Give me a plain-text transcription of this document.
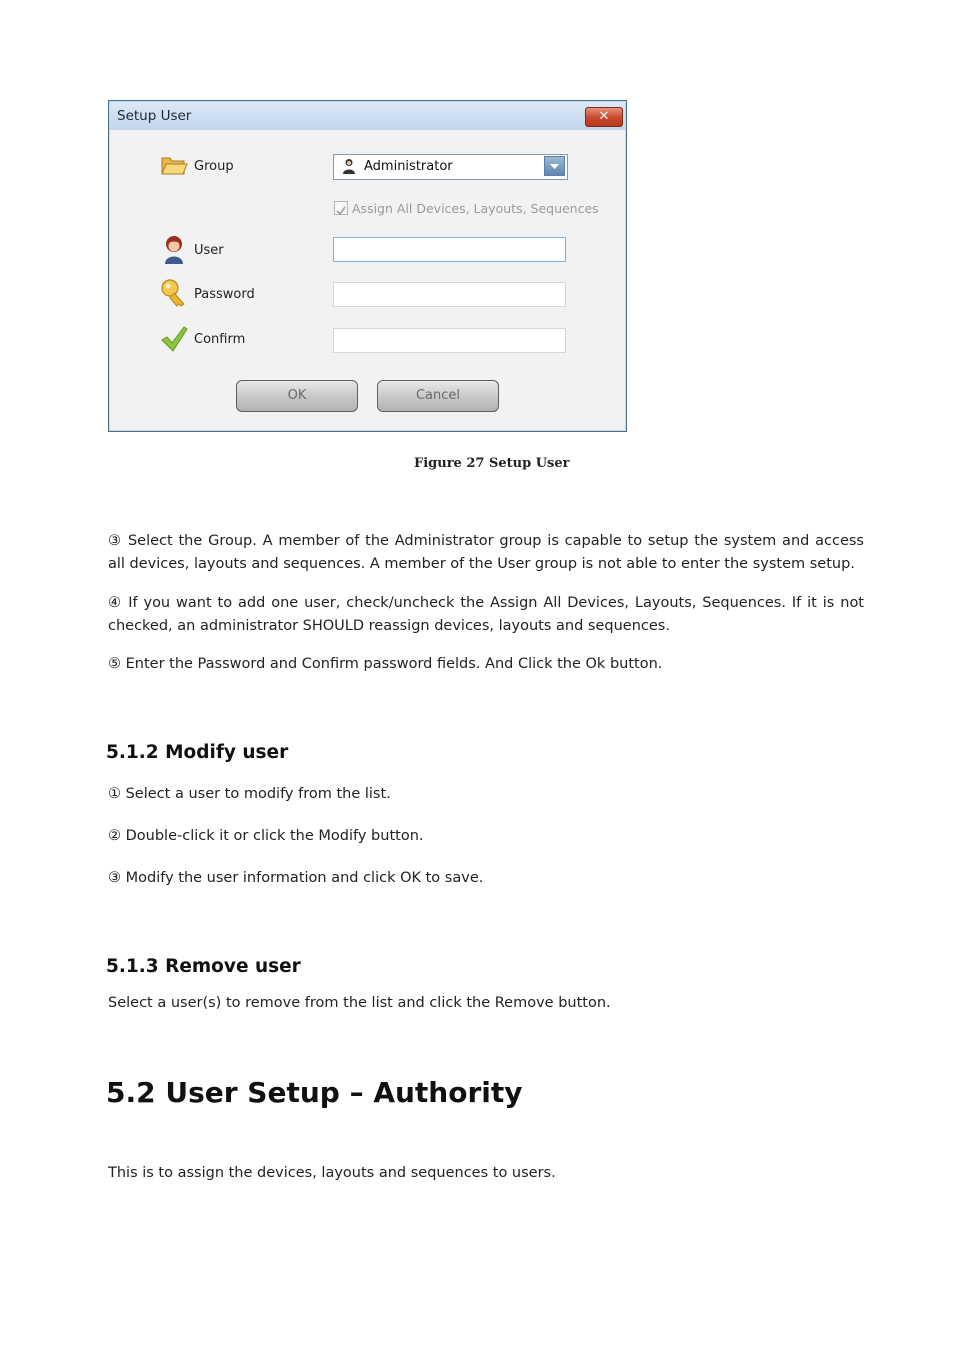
Setup User	✕
Group	Administrator
Assign All Devices, Layouts, Sequences
User
Password
Confirm
OK	Cancel
Figure 27 Setup User
③ Select the Group. A member of the Administrator group is capable to setup the system and access all devices, layouts and sequences. A member of the User group is not able to enter the system setup.
④ If you want to add one user, check/uncheck the Assign All Devices, Layouts, Sequences. If it is not checked, an administrator SHOULD reassign devices, layouts and sequences.
⑤ Enter the Password and Confirm password fields. And Click the Ok button.
5.1.2 Modify user
① Select a user to modify from the list.
② Double-click it or click the Modify button.
③ Modify the user information and click OK to save.
5.1.3 Remove user
Select a user(s) to remove from the list and click the Remove button.
5.2 User Setup – Authority
This is to assign the devices, layouts and sequences to users.
